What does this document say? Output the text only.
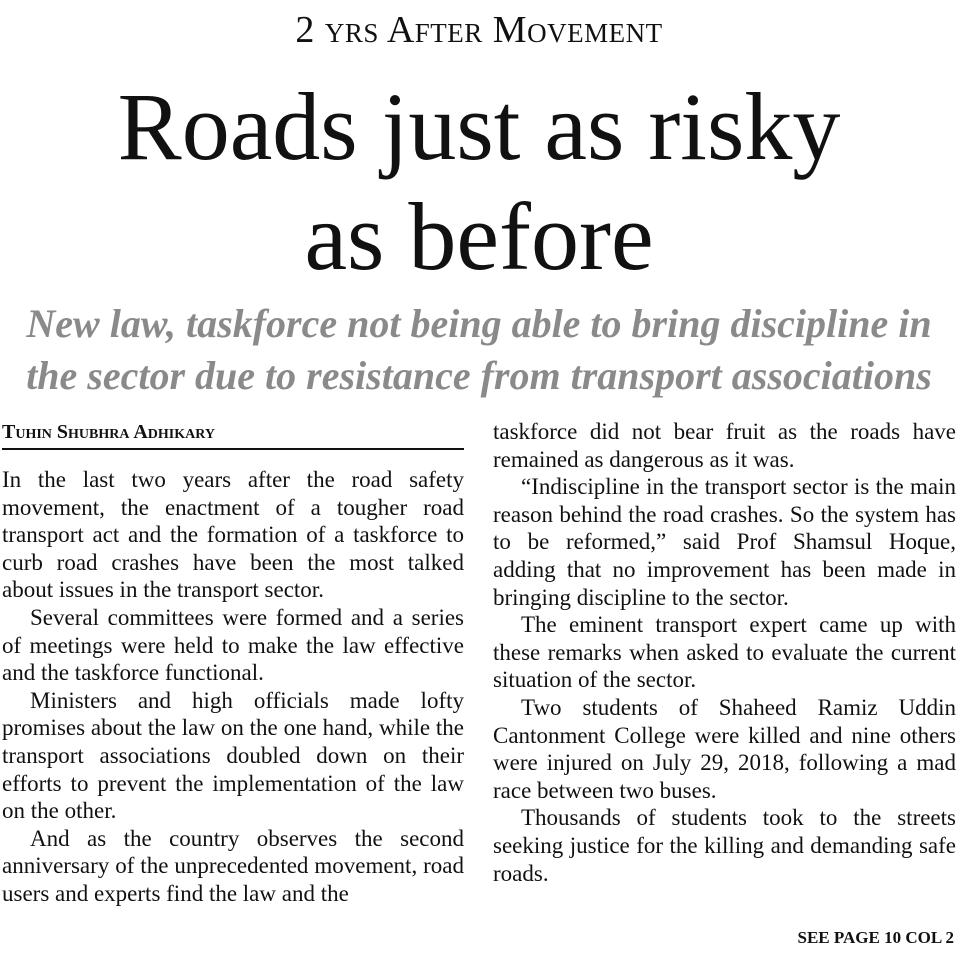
2 yrs After Movement
Roads just as risky
as before
New law, taskforce not being able to bring discipline in
the sector due to resistance from transport associations
Tuhin Shubhra Adhikary

In the last two years after the road safety movement, the enactment of a tougher road transport act and the formation of a taskforce to curb road crashes have been the most talked about issues in the transport sector.

Several committees were formed and a series of meetings were held to make the law effective and the taskforce functional.

Ministers and high officials made lofty promises about the law on the one hand, while the transport associations doubled down on their efforts to prevent the implementation of the law on the other.

And as the country observes the second anniversary of the unprecedented movement, road users and experts find the law and the

taskforce did not bear fruit as the roads have remained as dangerous as it was.

“Indiscipline in the transport sector is the main reason behind the road crashes. So the system has to be reformed,” said Prof Shamsul Hoque, adding that no improvement has been made in bringing discipline to the sector.

The eminent transport expert came up with these remarks when asked to evaluate the current situation of the sector.

Two students of Shaheed Ramiz Uddin Cantonment College were killed and nine others were injured on July 29, 2018, following a mad race between two buses.

Thousands of students took to the streets seeking justice for the killing and demanding safe roads.

SEE PAGE 10 COL 2
